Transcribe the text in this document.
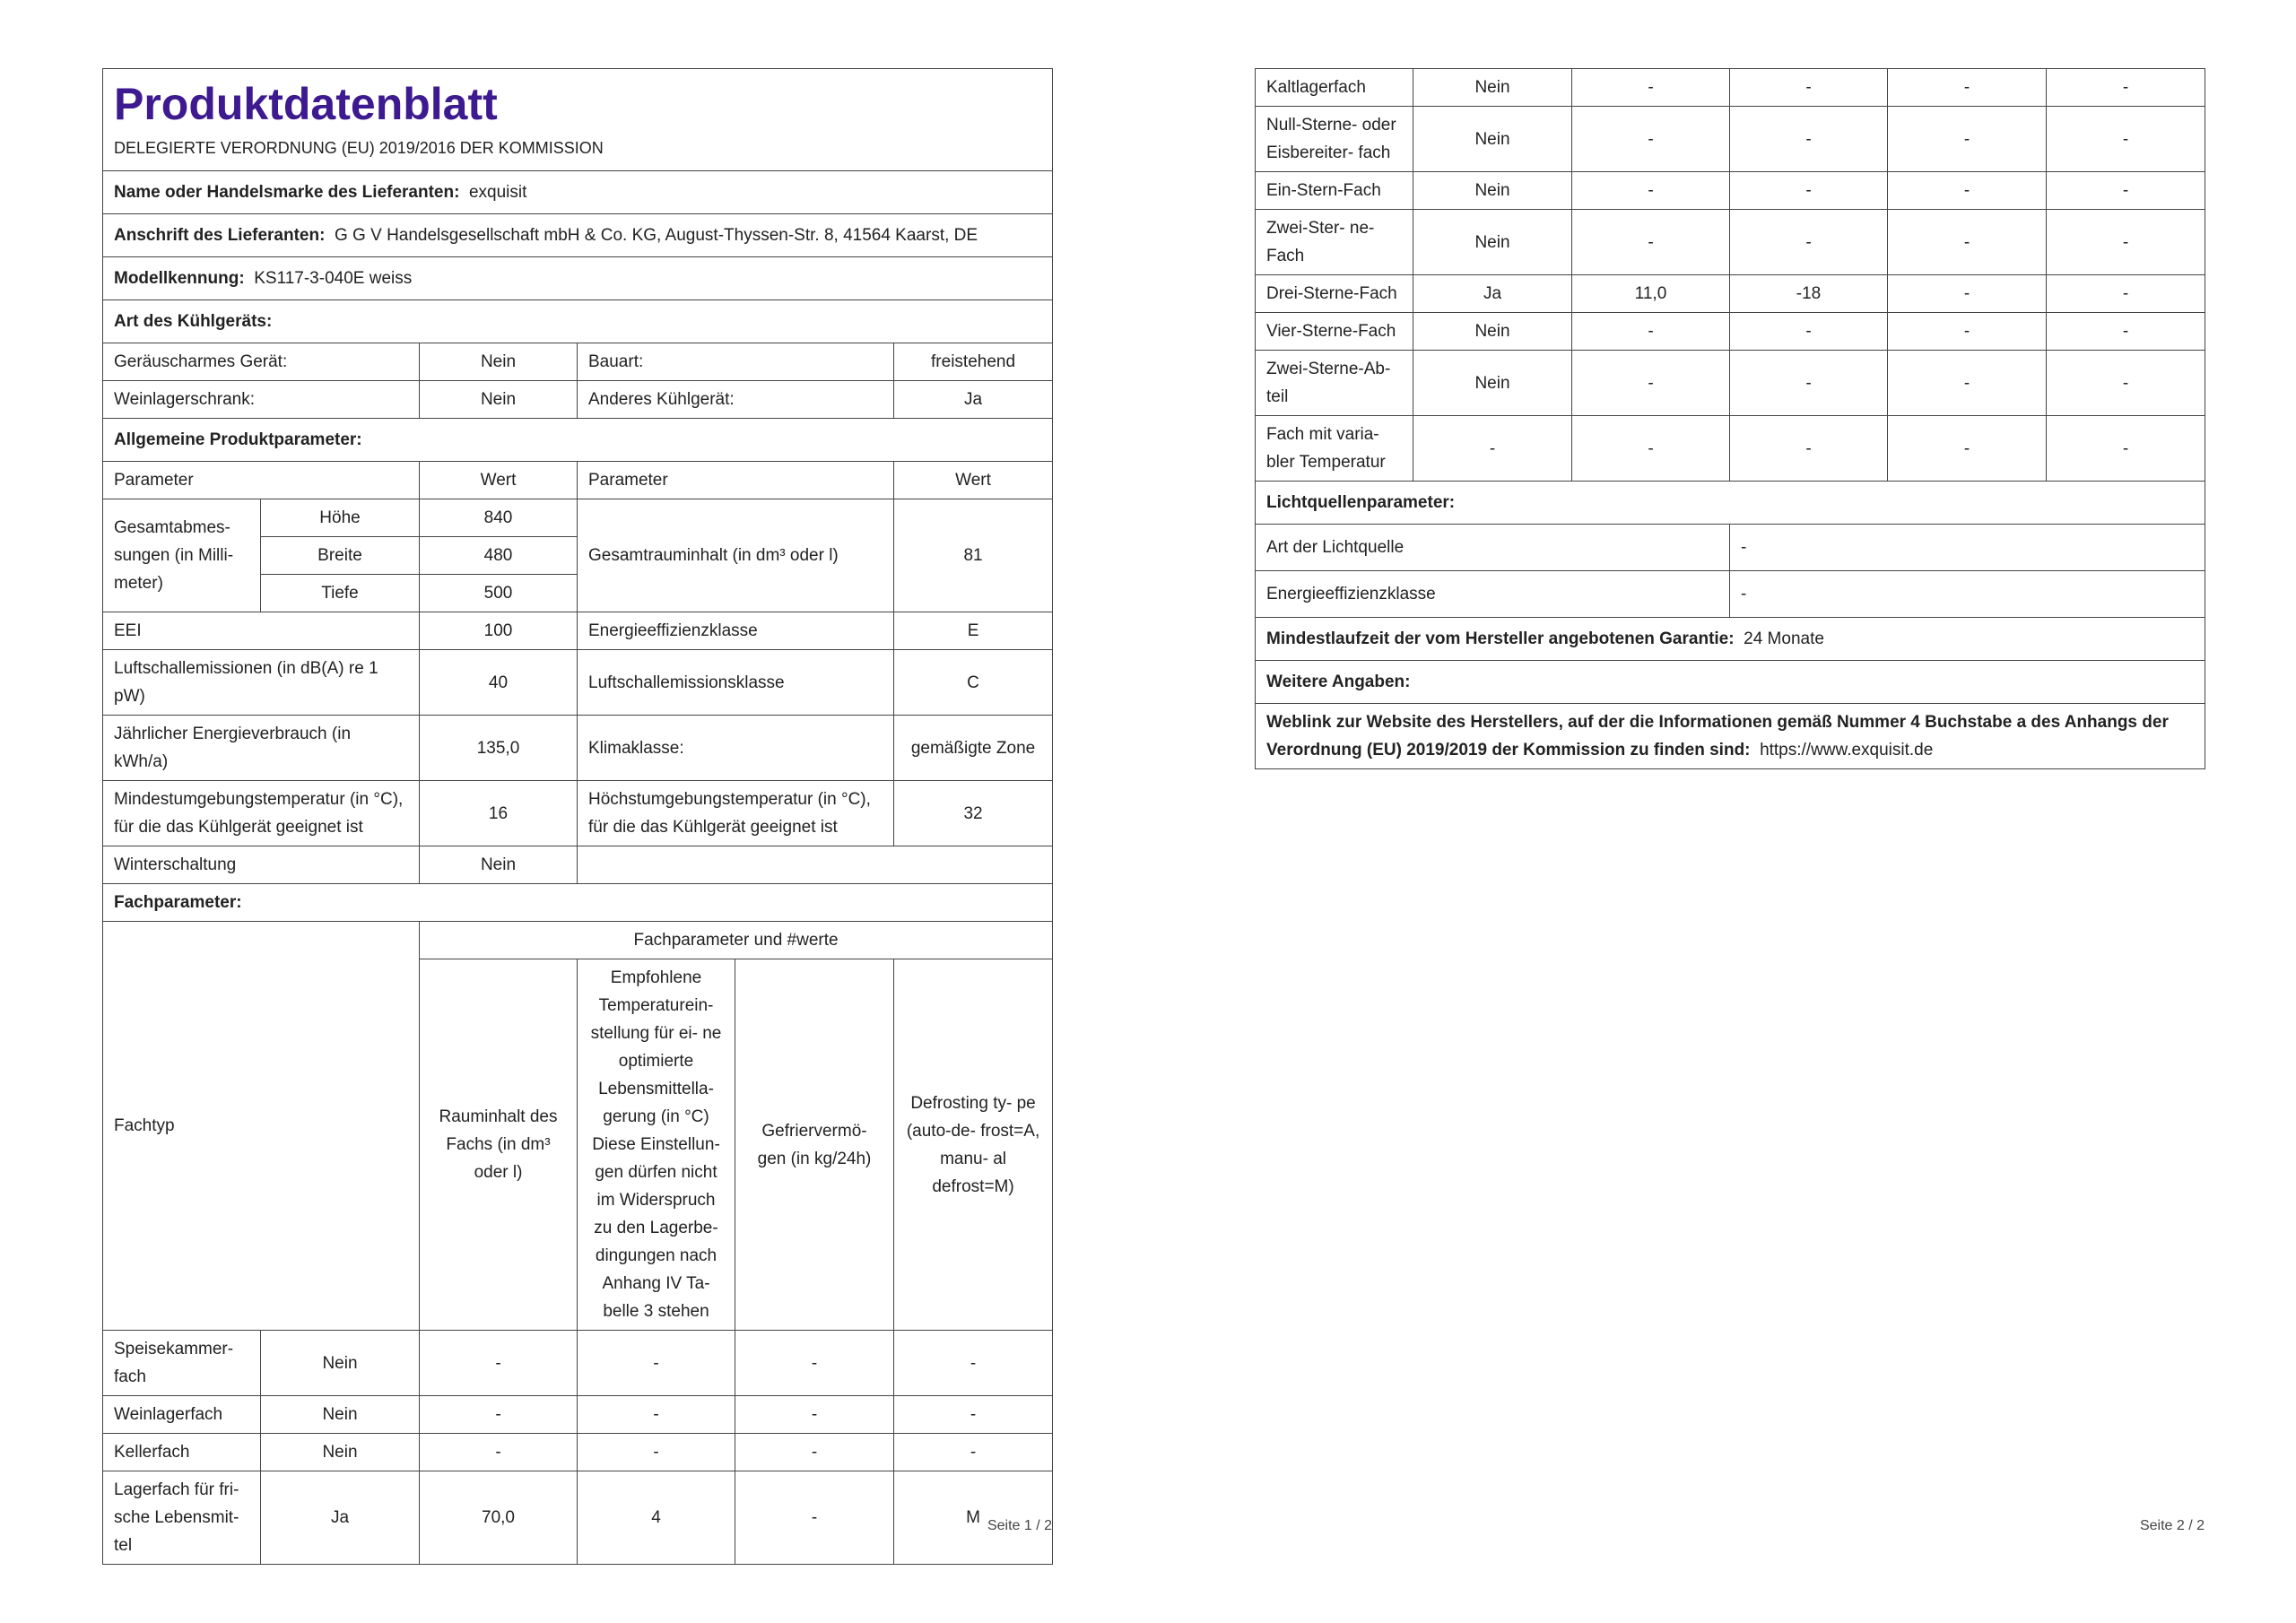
Produktdatenblatt
DELEGIERTE VERORDNUNG (EU) 2019/2016 DER KOMMISSION					

Name oder Handelsmarke des Lieferanten: exquisit					
Anschrift des Lieferanten: G G V Handelsgesellschaft mbH & Co. KG, August-Thyssen-Str. 8, 41564 Kaarst, DE					
Modellkennung: KS117-3-040E weiss					
Art des Kühlgeräts:					
Geräuscharmes Gerät:		Nein	Bauart:		freistehend
Weinlagerschrank:		Nein	Anderes Kühlgerät:		Ja
Allgemeine Produktparameter:					
Parameter		Wert	Parameter		Wert
Gesamtabmes- sungen (in Milli- meter)	Höhe	840	Gesamtrauminhalt (in dm³ oder l)		81
	Breite	480			
	Tiefe	500			
EEI		100	Energieeffizienzklasse		E
Luftschallemissionen (in dB(A) re 1 pW)		40	Luftschallemissionsklasse		C
Jährlicher Energieverbrauch (in kWh/a)		135,0	Klimaklasse:		gemäßigte Zone
Mindestumgebungstemperatur (in °C), für die das Kühlgerät geeignet ist		16	Höchstumgebungstemperatur (in °C), für die das Kühlgerät geeignet ist		32
Winterschaltung		Nein			
Fachparameter:					
Fachtyp		Fachparameter und #werte			
		Rauminhalt des Fachs (in dm³ oder l)	Empfohlene Temperaturein- stellung für ei- ne optimierte Lebensmittella- gerung (in °C) Diese Einstellun- gen dürfen nicht im Widerspruch zu den Lagerbe- dingungen nach Anhang IV Ta- belle 3 stehen	Gefriervermö- gen (in kg/24h)	Defrosting ty- pe (auto-de- frost=A, manu- al defrost=M)
Speisekammer- fach	Nein	-	-	-	-
Weinlagerfach	Nein	-	-	-	-
Kellerfach	Nein	-	-	-	-
Lagerfach für fri- sche Lebensmit- tel	Ja	70,0	4	-	M Seite 1 / 2
Kaltlagerfach	Nein	-	-	-	-
Null-Sterne- oder Eisbereiter- fach	Nein	-	-	-	-
Ein-Stern-Fach	Nein	-	-	-	-
Zwei-Ster- ne-Fach	Nein	-	-	-	-
Drei-Sterne-Fach	Ja	11,0	-18	-	-
Vier-Sterne-Fach	Nein	-	-	-	-
Zwei-Sterne-Ab- teil	Nein	-	-	-	-
Fach mit varia- bler Temperatur	-	-	-	-	-
Lichtquellenparameter:					
Art der Lichtquelle			-		
Energieeffizienzklasse			-		
Mindestlaufzeit der vom Hersteller angebotenen Garantie: 24 Monate					
Weitere Angaben:					
Weblink zur Website des Herstellers, auf der die Informationen gemäß Nummer 4 Buchstabe a des Anhangs der Verordnung (EU) 2019/2019 der Kommission zu finden sind: https://www.exquisit.de					
Seite 2 / 2
